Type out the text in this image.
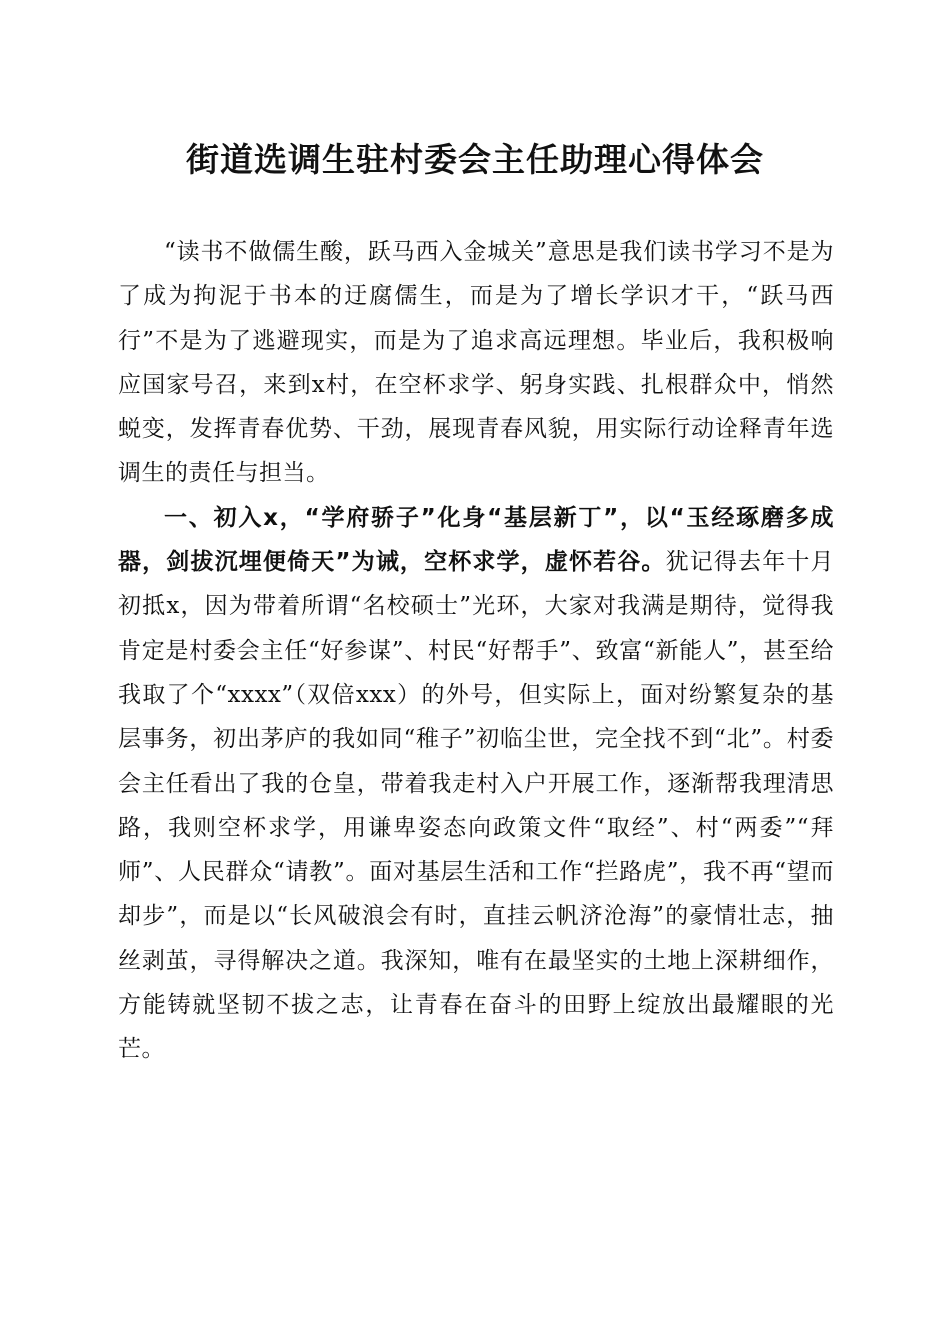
街道选调生驻村委会主任助理心得体会

“读书不做儒生酸，跃马西入金城关”意思是我们读书学习不是为了成为拘泥于书本的迂腐儒生，而是为了增长学识才干，“跃马西行”不是为了逃避现实，而是为了追求高远理想。毕业后，我积极响应国家号召，来到x村，在空杯求学、躬身实践、扎根群众中，悄然蜕变，发挥青春优势、干劲，展现青春风貌，用实际行动诠释青年选调生的责任与担当。

一、初入x，“学府骄子”化身“基层新丁”，以“玉经琢磨多成器，剑拔沉埋便倚天”为诫，空杯求学，虚怀若谷。犹记得去年十月初抵x，因为带着所谓“名校硕士”光环，大家对我满是期待，觉得我肯定是村委会主任“好参谋”、村民“好帮手”、致富“新能人”，甚至给我取了个“xxxx”（双倍xxx）的外号，但实际上，面对纷繁复杂的基层事务，初出茅庐的我如同“稚子”初临尘世，完全找不到“北”。村委会主任看出了我的仓皇，带着我走村入户开展工作，逐渐帮我理清思路，我则空杯求学，用谦卑姿态向政策文件“取经”、村“两委”“拜师”、人民群众“请教”。面对基层生活和工作“拦路虎”，我不再“望而却步”，而是以“长风破浪会有时，直挂云帆济沧海”的豪情壮志，抽丝剥茧，寻得解决之道。我深知，唯有在最坚实的土地上深耕细作，方能铸就坚韧不拔之志，让青春在奋斗的田野上绽放出最耀眼的光芒。
